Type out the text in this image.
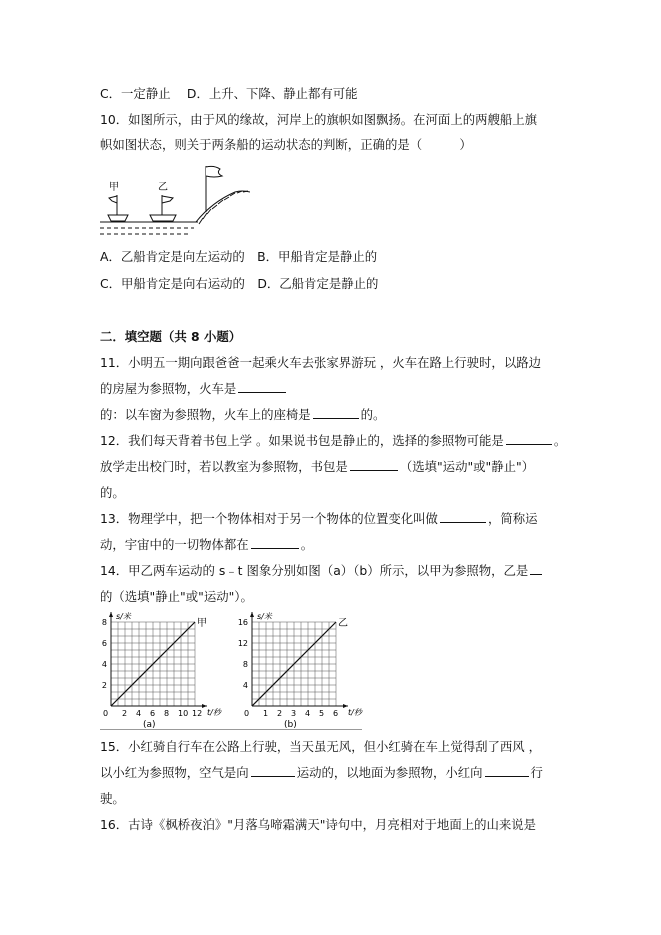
C．一定静止　 D．上升、下降、静止都有可能
10．如图所示，由于风的缘故，河岸上的旗帜如图飘扬。在河面上的两艘船上旗
帜如图状态，则关于两条船的运动状态的判断，正确的是（　　　）
甲	乙
A．乙船肯定是向左运动的　B．甲船肯定是静止的
C．甲船肯定是向右运动的　D．乙船肯定是静止的
二．填空题（共 8 小题）
11．小明五一期向跟爸爸一起乘火车去张家界游玩 ，火车在路上行驶时，以路边
的房屋为参照物，火车是
的：以车窗为参照物，火车上的座椅是	的。
12．我们每天背着书包上学 。如果说书包是静止的，选择的参照物可能是	。
放学走出校门时，若以教室为参照物，书包是	（选填"运动"或"静止"）
的。
13．物理学中，把一个物体相对于另一个物体的位置变化叫做	，简称运
动，宇宙中的一切物体都在	。
14．甲乙两车运动的 s﹣t 图象分别如图（a）（b）所示，以甲为参照物，乙是
的（选填"静止"或"运动"）。
s/米
t/秒
0 2 4 6 8 10 12
2
4
6
8	甲
(a)
s/米
t/秒
0 1 2 3 4 5 6
4
8
12
16	乙
(b)
15．小红骑自行车在公路上行驶，当天虽无风，但小红骑在车上觉得刮了西风 ，
以小红为参照物，空气是向	运动的，以地面为参照物，小红向	行
驶。
16．古诗《枫桥夜泊》"月落乌啼霜满天"诗句中，月亮相对于地面上的山来说是
